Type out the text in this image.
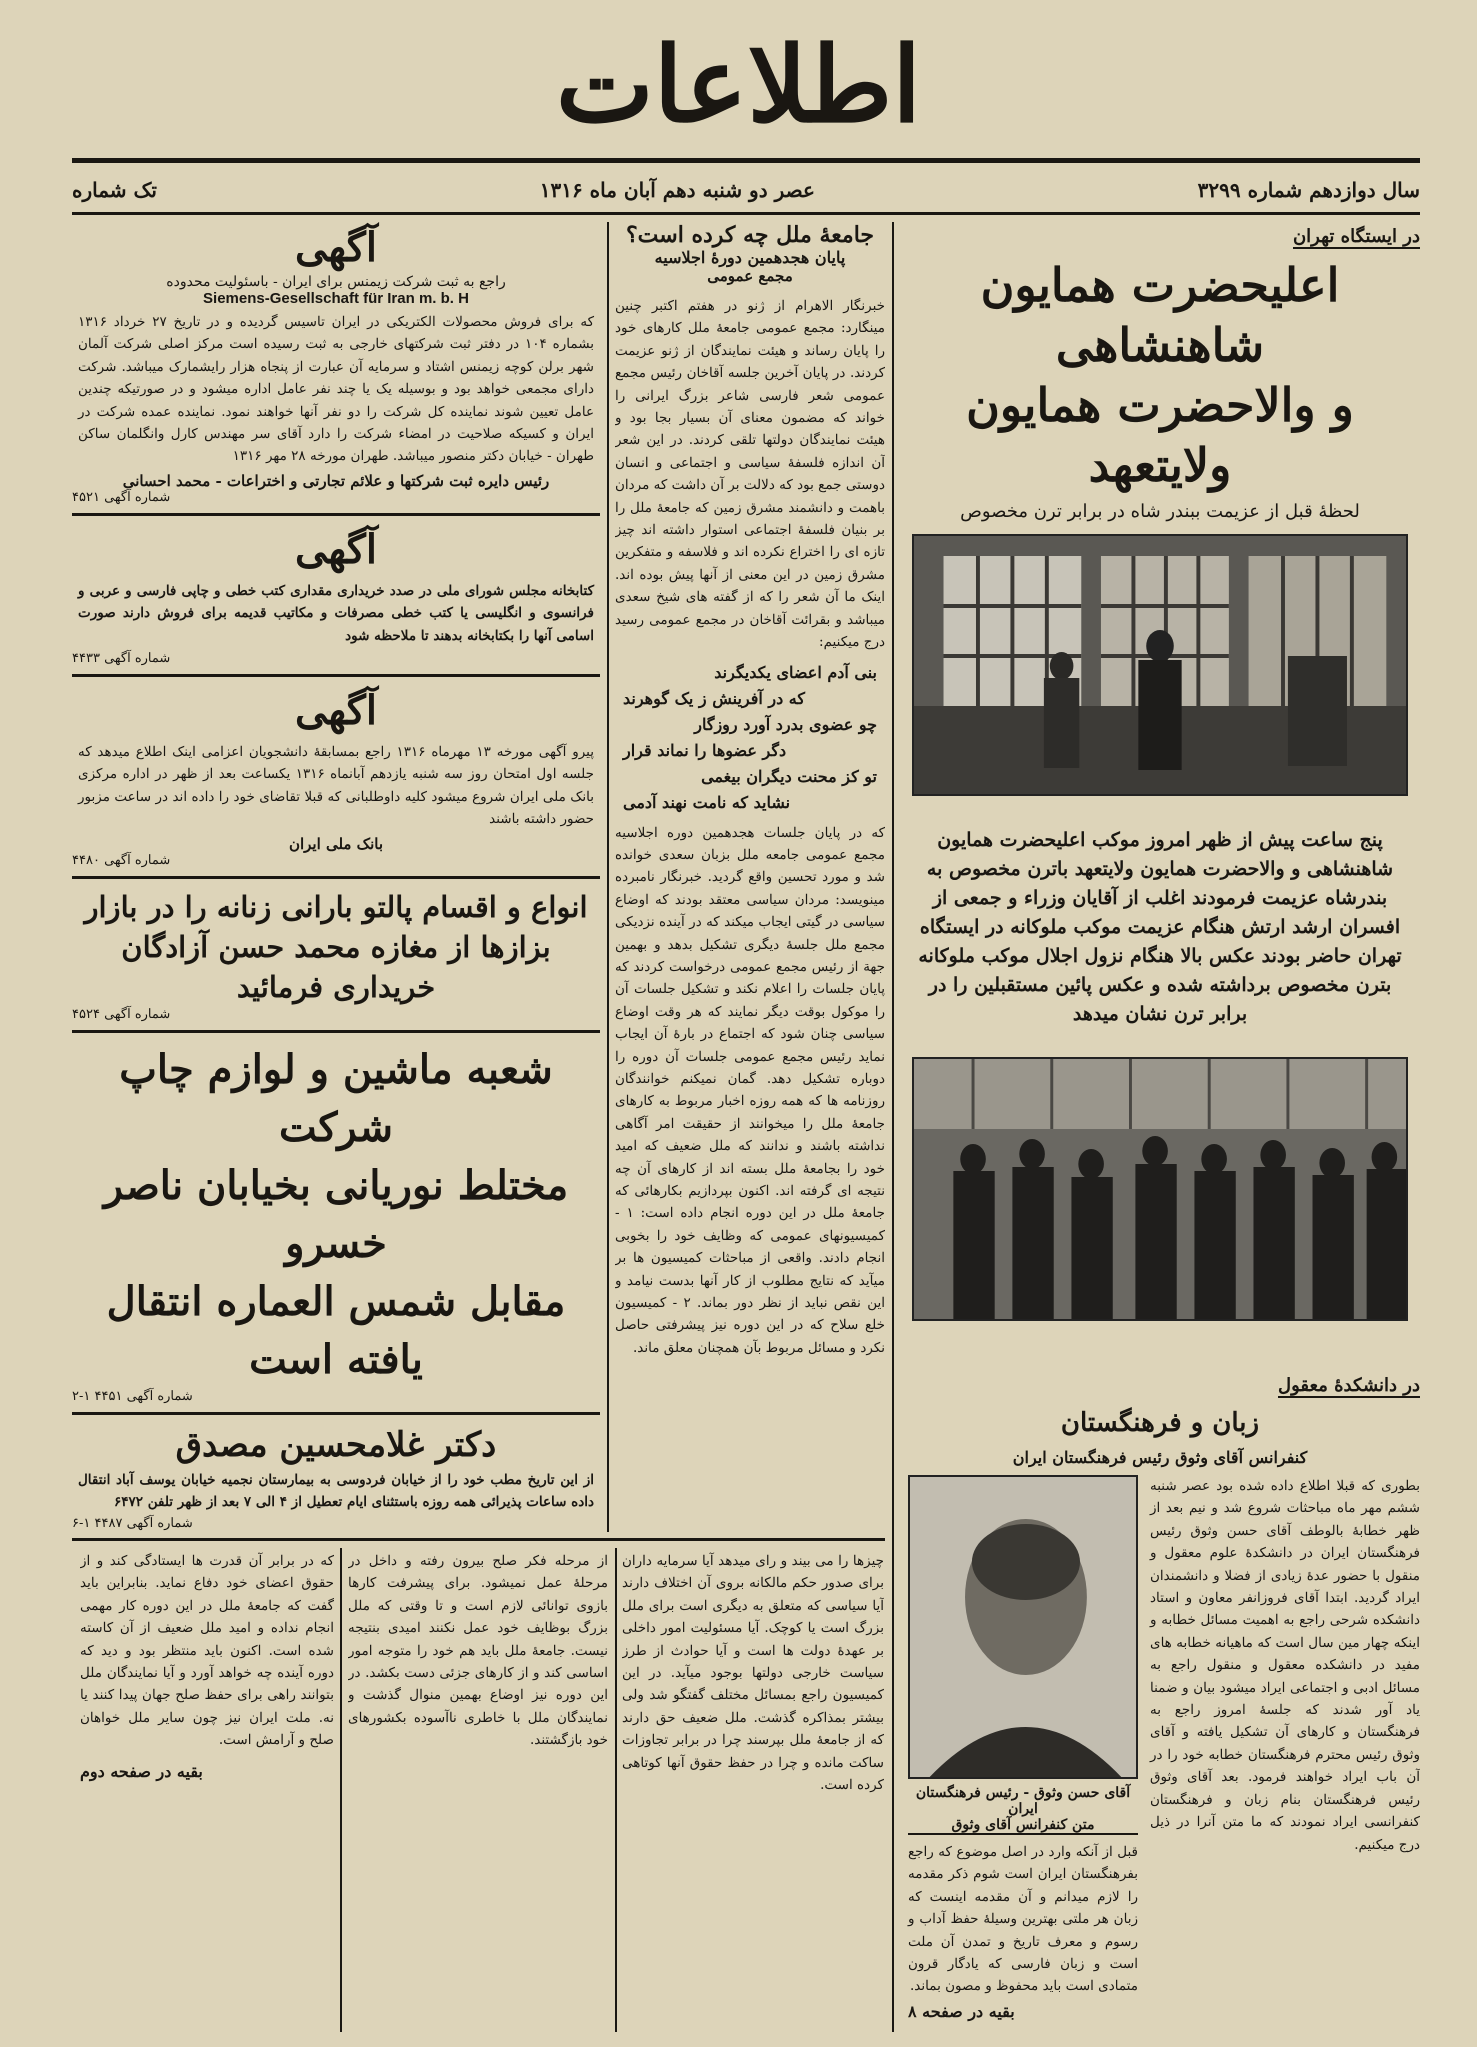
اطلاعات
سال دوازدهم شماره ۳۲۹۹
عصر دو شنبه دهم آبان ماه ۱۳۱۶
تک شماره
در ایستگاه تهران
اعلیحضرت همایون شاهنشاهی
و والاحضرت همایون ولایتعهد
لحظهٔ قبل از عزیمت ببندر شاه در برابر ترن مخصوص
پنج ساعت پیش از ظهر امروز موکب اعلیحضرت همایون شاهنشاهی و والاحضرت همایون ولایتعهد باترن مخصوص به بندرشاه عزیمت فرمودند اغلب از آقایان وزراء و جمعی از افسران ارشد ارتش هنگام عزیمت موکب ملوکانه در ایستگاه تهران حاضر بودند عکس بالا هنگام نزول اجلال موکب ملوکانه بترن مخصوص برداشته شده و عکس پائین مستقبلین را در برابر ترن نشان میدهد
در دانشکدهٔ معقول
زبان و فرهنگستان
کنفرانس آقای وثوق رئیس فرهنگستان ایران
بطوری که قبلا اطلاع داده شده بود عصر شنبه ششم مهر ماه مباحثات شروع شد و نیم بعد از ظهر خطابهٔ بالوطف آقای حسن وثوق رئیس فرهنگستان ایران در دانشکدهٔ علوم معقول و منقول با حضور عدهٔ زیادی از فضلا و دانشمندان ایراد گردید. ابتدا آقای فروزانفر معاون و استاد دانشکده شرحی راجع به اهمیت مسائل خطابه و اینکه چهار مین سال است که ماهیانه خطابه های مفید در دانشکده معقول و منقول راجع به مسائل ادبی و اجتماعی ایراد میشود بیان و ضمنا یاد آور شدند که جلسهٔ امروز راجع به فرهنگستان و کارهای آن تشکیل یافته و آقای وثوق رئیس محترم فرهنگستان خطابه خود را در آن باب ایراد خواهند فرمود. بعد آقای وثوق رئیس فرهنگستان بنام زبان و فرهنگستان کنفرانسی ایراد نمودند که ما متن آنرا در ذیل درج میکنیم.
آقای حسن وثوق - رئیس فرهنگستان ایران
متن کنفرانس آقای وثوق
قبل از آنکه وارد در اصل موضوع که راجع بفرهنگستان ایران است شوم ذکر مقدمه را لازم میدانم و آن مقدمه اینست که زبان هر ملتی بهترین وسیلهٔ حفظ آداب و رسوم و معرف تاریخ و تمدن آن ملت است و زبان فارسی که یادگار قرون متمادی است باید محفوظ و مصون بماند.
بقیه در صفحه ۸
جامعهٔ ملل چه کرده است؟
پایان هجدهمین دورهٔ اجلاسیه
مجمع عمومی
خبرنگار الاهرام از ژنو در هفتم اکتبر چنین مینگارد: مجمع عمومی جامعهٔ ملل کارهای خود را پایان رساند و هیئت نمایندگان از ژنو عزیمت کردند. در پایان آخرین جلسه آقاخان رئیس مجمع عمومی شعر فارسی شاعر بزرگ ایرانی را خواند که مضمون معنای آن بسیار بجا بود و هیئت نمایندگان دولتها تلقی کردند. در این شعر آن اندازه فلسفهٔ سیاسی و اجتماعی و انسان دوستی جمع بود که دلالت بر آن داشت که مردان باهمت و دانشمند مشرق زمین که جامعهٔ ملل را بر بنیان فلسفهٔ اجتماعی استوار داشته اند چیز تازه ای را اختراع نکرده اند و فلاسفه و متفکرین مشرق زمین در این معنی از آنها پیش بوده اند. اینک ما آن شعر را که از گفته های شیخ سعدی میباشد و بقرائت آقاخان در مجمع عمومی رسید درج میکنیم:
بنی آدم اعضای یکدیگرند
که در آفرینش ز یک گوهرند
چو عضوی بدرد آورد روزگار
دگر عضوها را نماند قرار
تو کز محنت دیگران بیغمی
نشاید که نامت نهند آدمی
که در پایان جلسات هجدهمین دوره اجلاسیه مجمع عمومی جامعه ملل بزبان سعدی خوانده شد و مورد تحسین واقع گردید. خبرنگار نامبرده مینویسد: مردان سیاسی معتقد بودند که اوضاع سیاسی در گیتی ایجاب میکند که در آینده نزدیکی مجمع ملل جلسهٔ دیگری تشکیل بدهد و بهمین جهة از رئیس مجمع عمومی درخواست کردند که پایان جلسات را اعلام نکند و تشکیل جلسات آن را موکول بوقت دیگر نمایند که هر وقت اوضاع سیاسی چنان شود که اجتماع در بارهٔ آن ایجاب نماید رئیس مجمع عمومی جلسات آن دوره را دوباره تشکیل دهد. گمان نمیکنم خوانندگان روزنامه ها که همه روزه اخبار مربوط به کارهای جامعهٔ ملل را میخوانند از حقیقت امر آگاهی نداشته باشند و ندانند که ملل ضعیف که امید خود را بجامعهٔ ملل بسته اند از کارهای آن چه نتیجه ای گرفته اند. اکنون بپردازیم بکارهائی که جامعهٔ ملل در این دوره انجام داده است: ۱ - کمیسیونهای عمومی که وظایف خود را بخوبی انجام دادند. واقعی از مباحثات کمیسیون ها بر میآید که نتایج مطلوب از کار آنها بدست نیامد و این نقص نباید از نظر دور بماند. ۲ - کمیسیون خلع سلاح که در این دوره نیز پیشرفتی حاصل نکرد و مسائل مربوط بآن همچنان معلق ماند.
آگهی
راجع به ثبت شرکت زیمنس برای ایران - باسئولیت محدوده
Siemens-Gesellschaft für Iran m. b. H
که برای فروش محصولات الکتریکی در ایران تاسیس گردیده و در تاریخ ۲۷ خرداد ۱۳۱۶ بشماره ۱۰۴ در دفتر ثبت شرکتهای خارجی به ثبت رسیده است مرکز اصلی شرکت آلمان شهر برلن کوچه زیمنس اشتاد و سرمایه آن عبارت از پنجاه هزار رایشمارک میباشد. شرکت دارای مجمعی خواهد بود و بوسیله یک یا چند نفر عامل اداره میشود و در صورتیکه چندین عامل تعیین شوند نماینده کل شرکت را دو نفر آنها خواهند نمود. نماینده عمده شرکت در ایران و کسیکه صلاحیت در امضاء شرکت را دارد آقای سر مهندس کارل وانگلمان ساکن طهران - خیابان دکتر منصور میباشد. طهران مورخه ۲۸ مهر ۱۳۱۶
رئیس دایره ثبت شرکتها و علائم تجارتی و اختراعات - محمد احسانی
شماره آگهی ۴۵۲۱
آگهی
کتابخانه مجلس شورای ملی در صدد خریداری مقداری کتب خطی و چاپی فارسی و عربی و فرانسوی و انگلیسی یا کتب خطی مصرفات و مکاتیب قدیمه برای فروش دارند صورت اسامی آنها را بکتابخانه بدهند تا ملاحظه شود
شماره آگهی ۴۴۳۳
آگهی
پیرو آگهی مورخه ۱۳ مهرماه ۱۳۱۶ راجع بمسابقهٔ دانشجویان اعزامی اینک اطلاع میدهد که جلسه اول امتحان روز سه شنبه یازدهم آبانماه ۱۳۱۶ یکساعت بعد از ظهر در اداره مرکزی بانک ملی ایران شروع میشود کلیه داوطلبانی که قبلا تقاضای خود را داده اند در ساعت مزبور حضور داشته باشند
بانک ملی ایران
شماره آگهی ۴۴۸۰
انواع و اقسام پالتو بارانی زنانه را در بازار بزازها از مغازه محمد حسن آزادگان خریداری فرمائید
شماره آگهی ۴۵۲۴
شعبه ماشین و لوازم چاپ شرکت
مختلط نوریانی بخیابان ناصر خسرو
مقابل شمس العماره انتقال یافته است
شماره آگهی ۴۴۵۱ ۱-۲
دکتر غلامحسین مصدق
از این تاریخ مطب خود را از خیابان فردوسی به بیمارستان نجمیه خیابان یوسف آباد انتقال داده ساعات پذیرائی همه روزه باستثنای ایام تعطیل از ۴ الی ۷ بعد از ظهر تلفن ۶۴۷۲
شماره آگهی ۴۴۸۷ ۱-۶
چیزها را می بیند و رای میدهد آیا سرمایه داران برای صدور حکم مالکانه بروی آن اختلاف دارند آیا سیاسی که متعلق به دیگری است برای ملل بزرگ است یا کوچک. آیا مسئولیت امور داخلی بر عهدهٔ دولت ها است و آیا حوادث از طرز سیاست خارجی دولتها بوجود میآید. در این کمیسیون راجع بمسائل مختلف گفتگو شد ولی بیشتر بمذاکره گذشت. ملل ضعیف حق دارند که از جامعهٔ ملل بپرسند چرا در برابر تجاوزات ساکت مانده و چرا در حفظ حقوق آنها کوتاهی کرده است.
از مرحله فکر صلح بیرون رفته و داخل در مرحلهٔ عمل نمیشود. برای پیشرفت کارها بازوی توانائی لازم است و تا وقتی که ملل بزرگ بوظایف خود عمل نکنند امیدی بنتیجه نیست. جامعهٔ ملل باید هم خود را متوجه امور اساسی کند و از کارهای جزئی دست بکشد. در این دوره نیز اوضاع بهمین منوال گذشت و نمایندگان ملل با خاطری ناآسوده بکشورهای خود بازگشتند.
که در برابر آن قدرت ها ایستادگی کند و از حقوق اعضای خود دفاع نماید. بنابراین باید گفت که جامعهٔ ملل در این دوره کار مهمی انجام نداده و امید ملل ضعیف از آن کاسته شده است. اکنون باید منتظر بود و دید که دوره آینده چه خواهد آورد و آیا نمایندگان ملل بتوانند راهی برای حفظ صلح جهان پیدا کنند یا نه. ملت ایران نیز چون سایر ملل خواهان صلح و آرامش است.
بقیه در صفحه دوم
